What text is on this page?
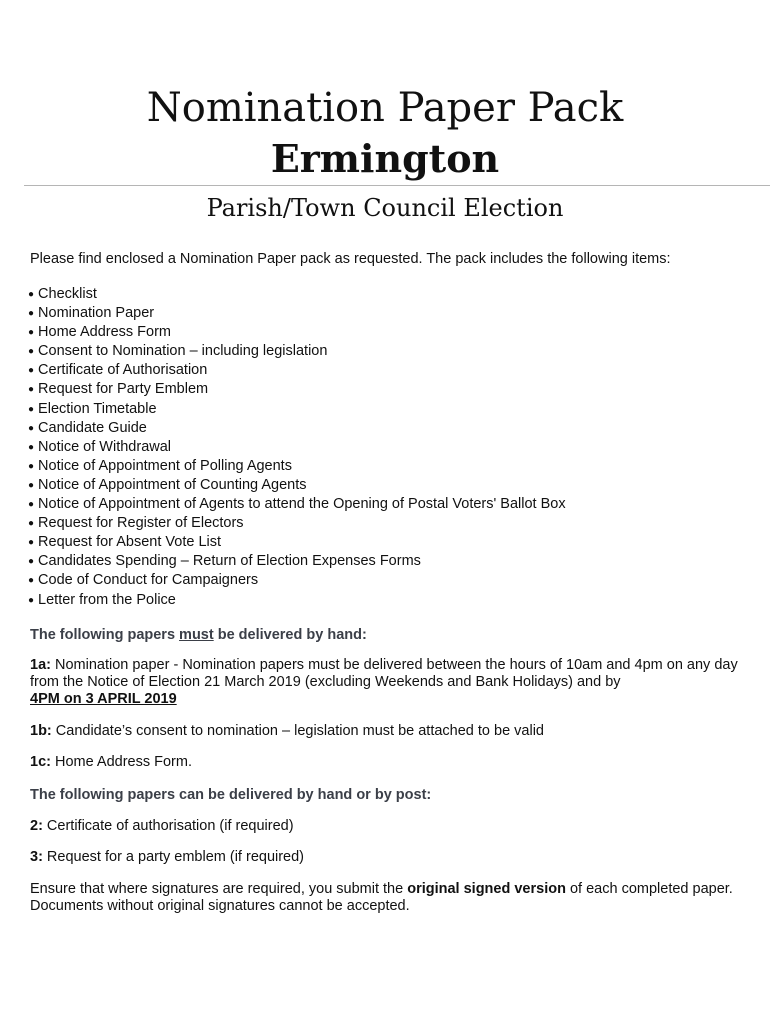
Nomination Paper Pack
Ermington
Parish/Town Council Election

Please find enclosed a Nomination Paper pack as requested. The pack includes the following items:

● Checklist
● Nomination Paper
● Home Address Form
● Consent to Nomination – including legislation
● Certificate of Authorisation
● Request for Party Emblem
● Election Timetable
● Candidate Guide
● Notice of Withdrawal
● Notice of Appointment of Polling Agents
● Notice of Appointment of Counting Agents
● Notice of Appointment of Agents to attend the Opening of Postal Voters' Ballot Box
● Request for Register of Electors
● Request for Absent Vote List
● Candidates Spending – Return of Election Expenses Forms
● Code of Conduct for Campaigners
● Letter from the Police

The following papers must be delivered by hand:

1a: Nomination paper - Nomination papers must be delivered between the hours of 10am and 4pm on any day from the Notice of Election 21 March 2019 (excluding Weekends and Bank Holidays) and by
4PM on 3 APRIL 2019

1b: Candidate’s consent to nomination – legislation must be attached to be valid

1c: Home Address Form.

The following papers can be delivered by hand or by post:

2: Certificate of authorisation (if required)

3: Request for a party emblem (if required)

Ensure that where signatures are required, you submit the original signed version of each completed paper. Documents without original signatures cannot be accepted.
